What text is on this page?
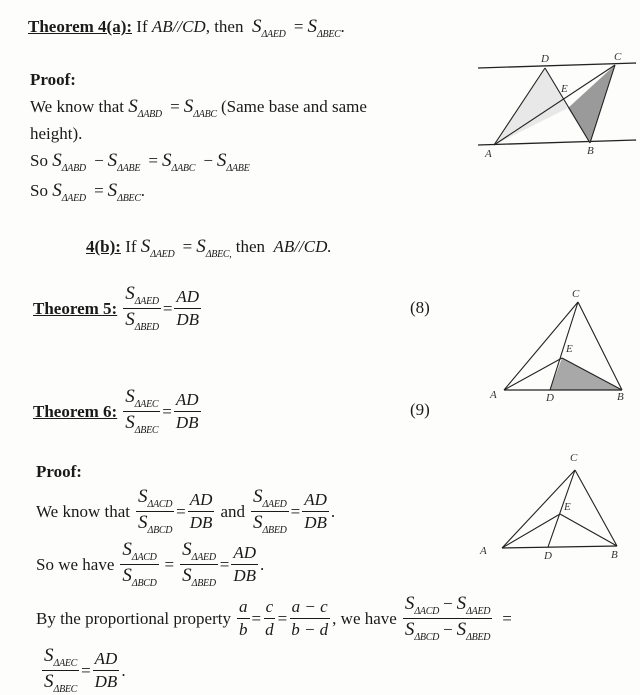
Theorem 4(a): If AB//CD, then $S_{\Delta AED} = S_{\Delta BEC}$.
Proof:
We know that $S_{\Delta ABD} = S_{\Delta ABC}$ (Same base and same
height).
So $S_{\Delta ABD} - S_{\Delta ABE} = S_{\Delta ABC} - S_{\Delta ABE}$
So $S_{\Delta AED} = S_{\Delta BEC}$.
4(b): If $S_{\Delta AED} = S_{\Delta BEC,}$ then AB//CD.
Theorem 5: $\frac{S_{\Delta AED}}{S_{\Delta BED}} = \frac{AD}{DB}$	(8)
Theorem 6: $\frac{S_{\Delta AEC}}{S_{\Delta BEC}} = \frac{AD}{DB}$	(9)
Proof:
We know that $\frac{S_{\Delta ACD}}{S_{\Delta BCD}} = \frac{AD}{DB}$ and $\frac{S_{\Delta AED}}{S_{\Delta BED}} = \frac{AD}{DB}$ .
So we have $\frac{S_{\Delta ACD}}{S_{\Delta BCD}} = \frac{S_{\Delta AED}}{S_{\Delta BED}} = \frac{AD}{DB}$ .
By the proportional property $\frac{a}{b} = \frac{c}{d} = \frac{a - c}{b - d}$ , we have $\frac{S_{\Delta ACD} - S_{\Delta AED}}{S_{\Delta BCD} - S_{\Delta BED}}$ =
$\frac{S_{\Delta AEC}}{S_{\Delta BEC}} = \frac{AD}{DB}$ .
A	B
C
D
E
A	B
C
D
E
A	B
C
D
E
